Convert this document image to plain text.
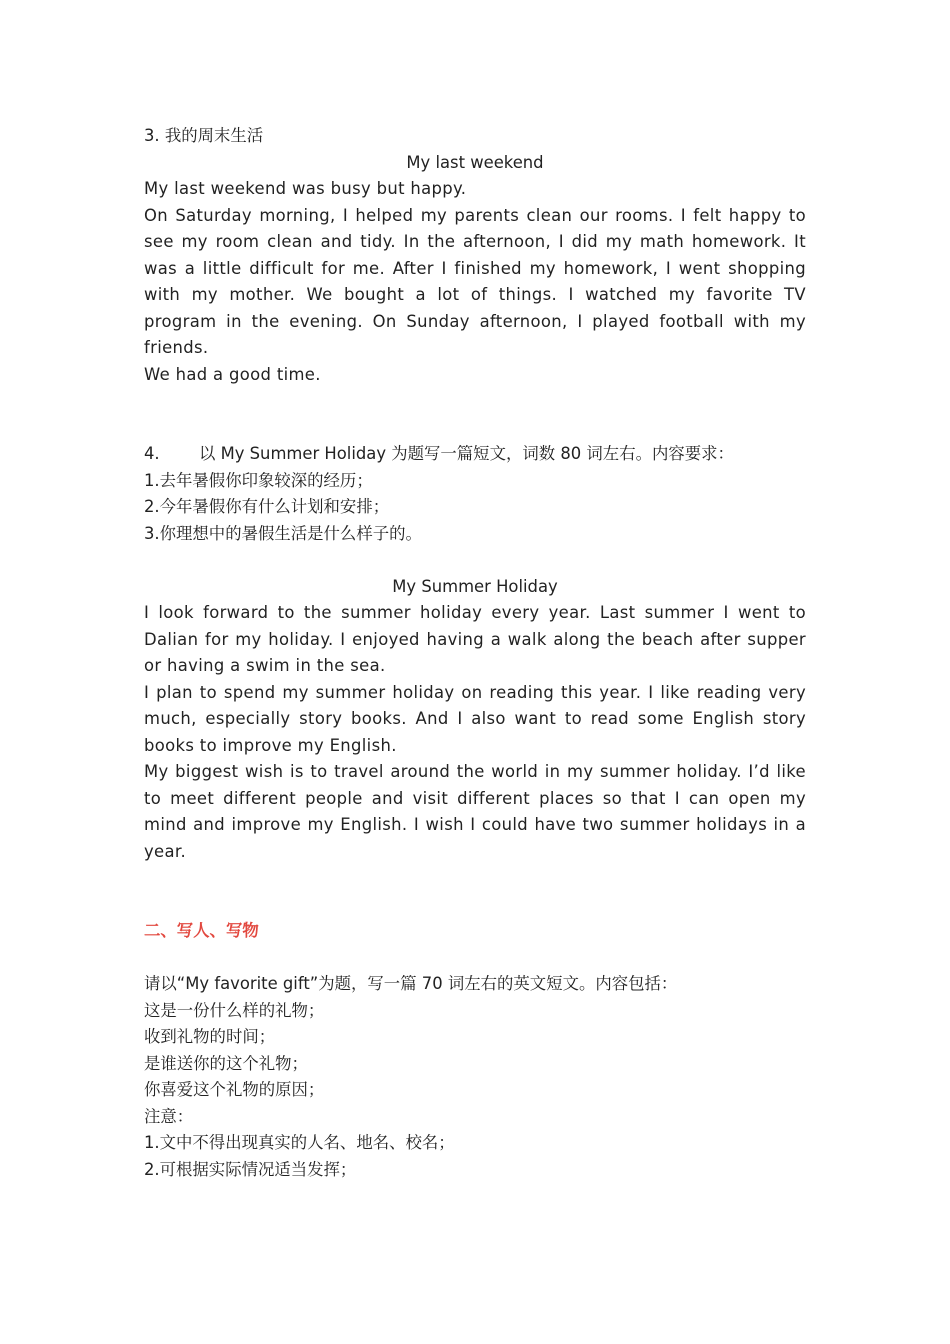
3. 我的周末生活

My last weekend

My last weekend was busy but happy.

On Saturday morning, I helped my parents clean our rooms. I felt happy to see my room clean and tidy. In the afternoon, I did my math homework. It was a little difficult for me. After I finished my homework, I went shopping with my mother. We bought a lot of things. I watched my favorite TV program in the evening. On Sunday afternoon, I played football with my friends.

We had a good time.

4. 以 My Summer Holiday 为题写一篇短文，词数 80 词左右。内容要求：

1.去年暑假你印象较深的经历；

2.今年暑假你有什么计划和安排；

3.你理想中的暑假生活是什么样子的。

My Summer Holiday

I look forward to the summer holiday every year. Last summer I went to Dalian for my holiday. I enjoyed having a walk along the beach after supper or having a swim in the sea.

I plan to spend my summer holiday on reading this year. I like reading very much, especially story books. And I also want to read some English story books to improve my English.

My biggest wish is to travel around the world in my summer holiday. I’d like to meet different people and visit different places so that I can open my mind and improve my English. I wish I could have two summer holidays in a year.

二、写人、写物

请以“My favorite gift”为题，写一篇 70 词左右的英文短文。内容包括：

这是一份什么样的礼物；

收到礼物的时间；

是谁送你的这个礼物；

你喜爱这个礼物的原因；

注意：

1.文中不得出现真实的人名、地名、校名；

2.可根据实际情况适当发挥；
